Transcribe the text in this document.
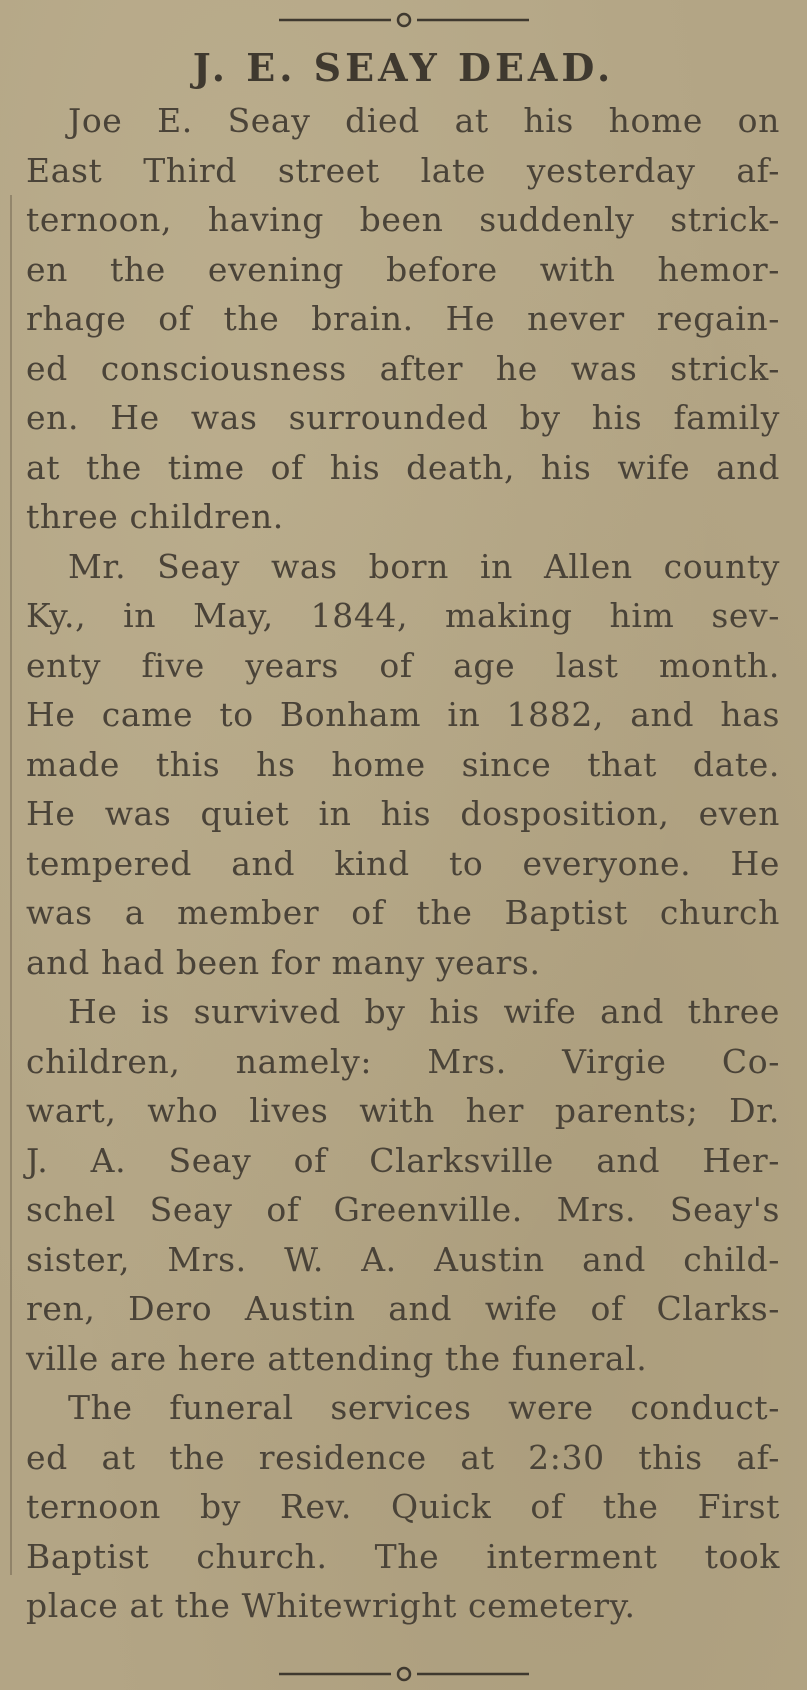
J. E. SEAY DEAD.
Joe E. Seay died at his home on
East Third street late yesterday af-
ternoon, having been suddenly strick-
en the evening before with hemor-
rhage of the brain. He never regain-
ed consciousness after he was strick-
en. He was surrounded by his family
at the time of his death, his wife and
three children.
Mr. Seay was born in Allen county
Ky., in May, 1844, making him sev-
enty five years of age last month.
He came to Bonham in 1882, and has
made this hs home since that date.
He was quiet in his dosposition, even
tempered and kind to everyone. He
was a member of the Baptist church
and had been for many years.
He is survived by his wife and three
children, namely: Mrs. Virgie Co-
wart, who lives with her parents; Dr.
J. A. Seay of Clarksville and Her-
schel Seay of Greenville. Mrs. Seay's
sister, Mrs. W. A. Austin and child-
ren, Dero Austin and wife of Clarks-
ville are here attending the funeral.
The funeral services were conduct-
ed at the residence at 2:30 this af-
ternoon by Rev. Quick of the First
Baptist church. The interment took
place at the Whitewright cemetery.
